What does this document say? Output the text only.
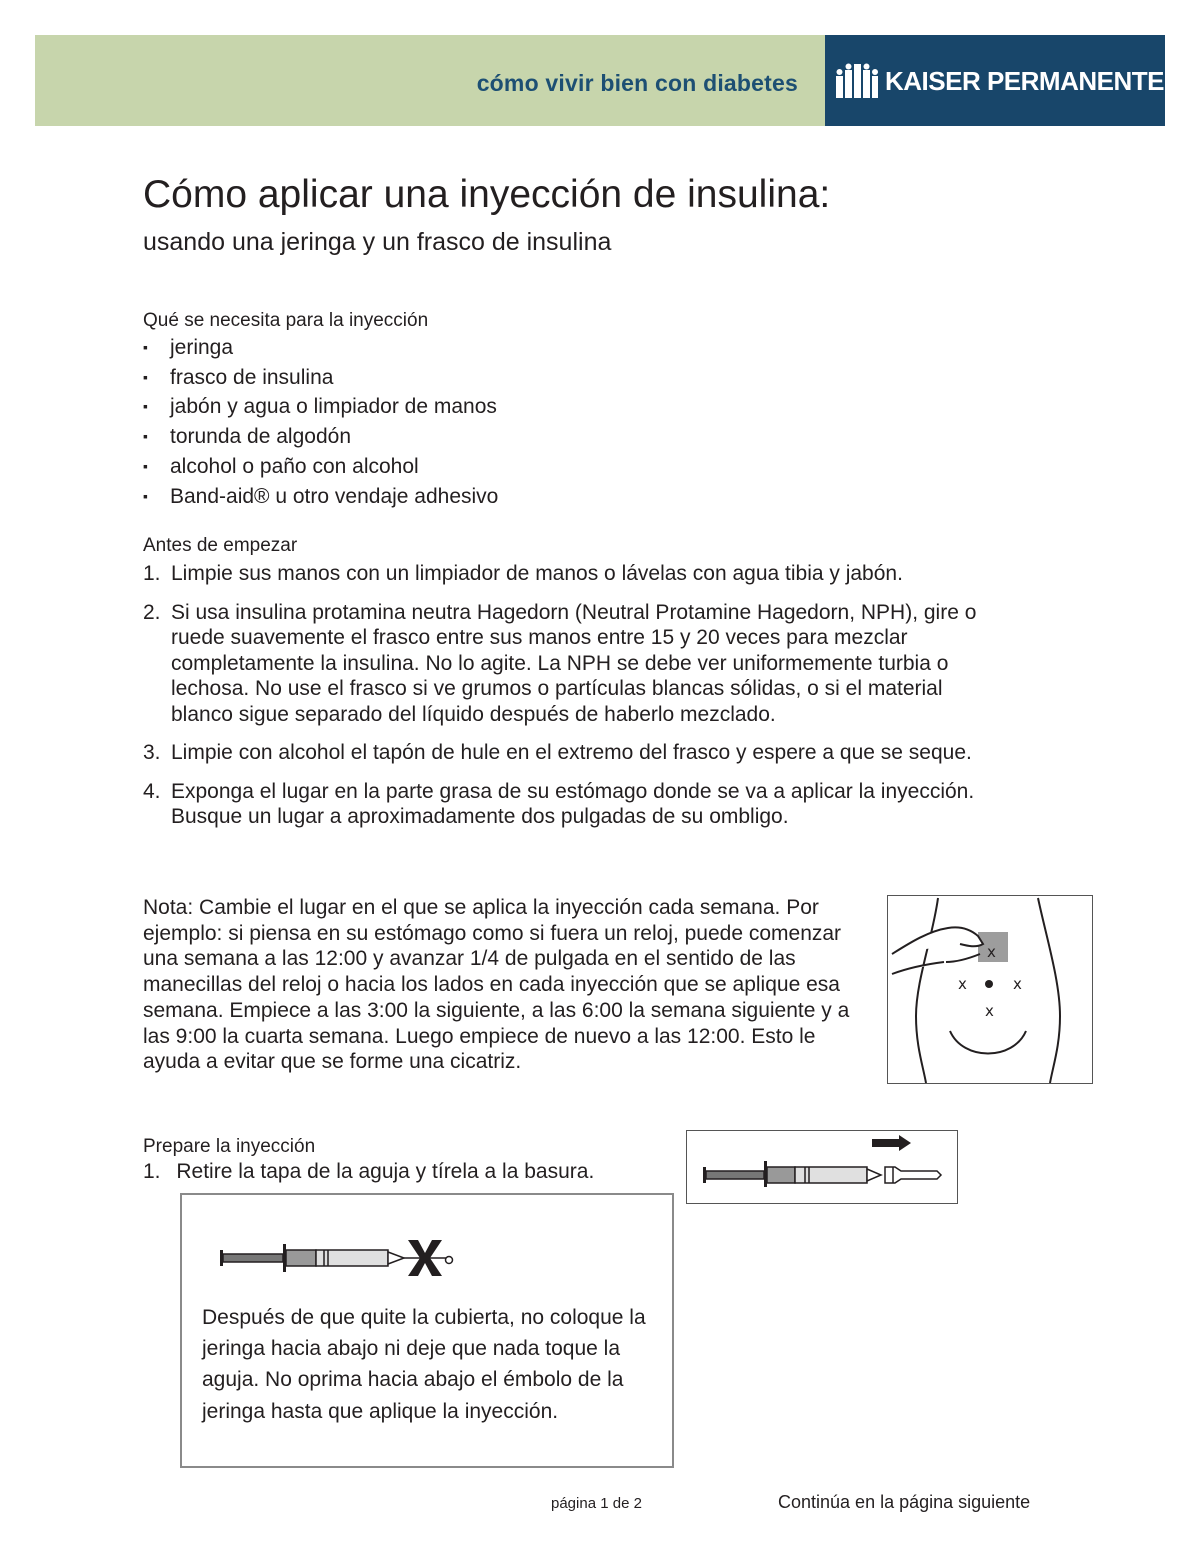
cómo vivir bien con diabetes	KAISER PERMANENTE.
Cómo aplicar una inyección de insulina:
usando una jeringa y un frasco de insulina
Qué se necesita para la inyección
▪ jeringa
▪ frasco de insulina
▪ jabón y agua o limpiador de manos
▪ torunda de algodón
▪ alcohol o paño con alcohol
▪ Band-aid® u otro vendaje adhesivo
Antes de empezar
1. Limpie sus manos con un limpiador de manos o lávelas con agua tibia y jabón.
2. Si usa insulina protamina neutra Hagedorn (Neutral Protamine Hagedorn, NPH), gire o ruede suavemente el frasco entre sus manos entre 15 y 20 veces para mezclar completamente la insulina. No lo agite. La NPH se debe ver uniformemente turbia o lechosa. No use el frasco si ve grumos o partículas blancas sólidas, o si el material blanco sigue separado del líquido después de haberlo mezclado.
3. Limpie con alcohol el tapón de hule en el extremo del frasco y espere a que se seque.
4. Exponga el lugar en la parte grasa de su estómago donde se va a aplicar la inyección. Busque un lugar a aproximadamente dos pulgadas de su ombligo.
Nota: Cambie el lugar en el que se aplica la inyección cada semana. Por ejemplo: si piensa en su estómago como si fuera un reloj, puede comenzar una semana a las 12:00 y avanzar 1/4 de pulgada en el sentido de las manecillas del reloj o hacia los lados en cada inyección que se aplique esa semana. Empiece a las 3:00 la siguiente, a las 6:00 la semana siguiente y a las 9:00 la cuarta semana. Luego empiece de nuevo a las 12:00. Esto le ayuda a evitar que se forme una cicatriz.
x
x	x
x
Prepare la inyección
1. Retire la tapa de la aguja y tírela a la basura.
Después de que quite la cubierta, no coloque la jeringa hacia abajo ni deje que nada toque la aguja. No oprima hacia abajo el émbolo de la jeringa hasta que aplique la inyección.
página 1 de 2	Continúa en la página siguiente
